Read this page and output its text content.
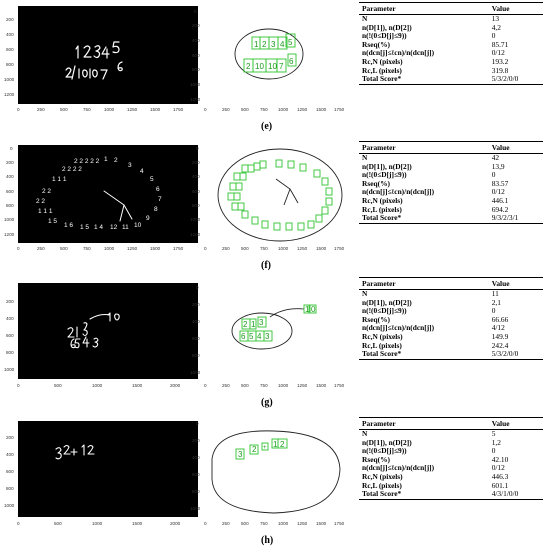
200
400
600
800
1000
1200
0	250	500	750	1000	1250	1500	1750
0
200
400
600
800
1000
1200
0	250 500 750 1000 1250 1500 1750
1 2 3 4 5
2 10 10 7
6
Parameter	Value
N	13
n(D[1]), n(D[2])	4,2
n(!(0≤D[j]≤9))	0
Rseq(%)	85.71
n(dcn[j]≤ℓcn)/n(dcn[j])	0/12
Rc,N (pixels)	193.2
Rc,L (pixels)	319.8
Total Score*	5/3/2/0/0
(e)
0
200
400
600
800
1000
1200
0	250	500	750	1000	1250	1500	1750
2 2 2 2 2 1 2
3
4
5
6
7
8
9
10
11
12
2 2 2 2
1 1 1
2 2
2 2
1 1 1
1 5
1 6 1 5 1 4
0
200
400
600
800
1000
1200
0	250 500 750 1000 1250 1500 1750
Parameter	Value
N	42
n(D[1]), n(D[2])	13,9
n(!(0≤D[j]≤9))	0
Rseq(%)	83.57
n(dcn[j]≤ℓcn)/n(dcn[j])	0/12
Rc,N (pixels)	446.1
Rc,L (pixels)	694.2
Total Score*	9/3/2/3/1
(f)
200
400
600
800
1000
0	500	1000	1500	2000
0
200
400
600
800
1000
0	250 500 750 1000 1250 1500 1750
2 1 3
6 5 4 3
1 0
Parameter	Value
N	11
n(D[1]), n(D[2])	2,1
n(!(0≤D[j]≤9))	0
Rseq(%)	66.66
n(dcn[j]≤ℓcn)/n(dcn[j])	4/12
Rc,N (pixels)	149.9
Rc,L (pixels)	242.4
Total Score*	5/3/2/0/0
(g)
200
400
600
800
1000
0	500	1000	1500	2000
0
200
400
600
800
1000
0	250 500 750 1000 1250 1500 1750
3
2 + 1 2
Parameter	Value
N	5
n(D[1]), n(D[2])	1,2
n(!(0≤D[j]≤9))	0
Rseq(%)	42.10
n(dcn[j]≤ℓcn)/n(dcn[j])	0/12
Rc,N (pixels)	446.3
Rc,L (pixels)	601.1
Total Score*	4/3/1/0/0
(h)
